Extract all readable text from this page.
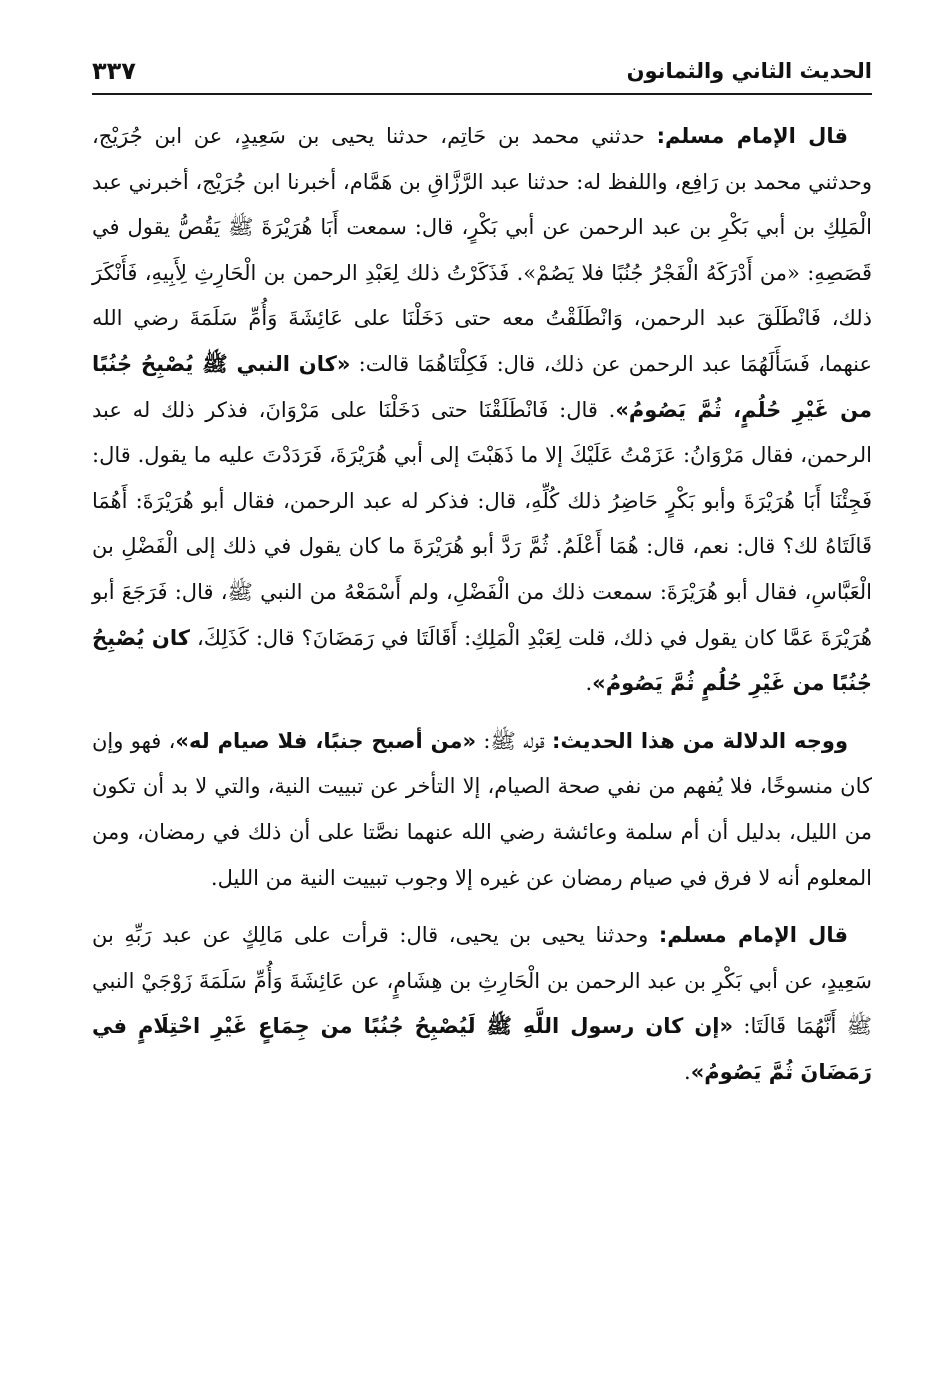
الحديث الثاني والثمانون
٣٣٧

قال الإمام مسلم: حدثني محمد بن حَاتِم، حدثنا يحيى بن سَعِيدٍ، عن ابن جُرَيْج، وحدثني محمد بن رَافِع، واللفظ له: حدثنا عبد الرَّزَّاقِ بن هَمَّام، أخبرنا ابن جُرَيْج، أخبرني عبد الْمَلِكِ بن أبي بَكْرِ بن عبد الرحمن عن أبي بَكْرٍ، قال: سمعت أَبَا هُرَيْرَةَ ﷺ يَقُصُّ يقول في قَصَصِهِ: «من أَدْرَكَهُ الْفَجْرُ جُنُبًا فلا يَصُمْ». فَذَكَرْتُ ذلك لِعَبْدِ الرحمن بن الْحَارِثِ لِأَبِيهِ، فَأَنْكَرَ ذلك، فَانْطَلَقَ عبد الرحمن، وَانْطَلَقْتُ معه حتى دَخَلْنَا على عَائِشَةَ وَأُمِّ سَلَمَةَ رضي الله عنهما، فَسَأَلَهُمَا عبد الرحمن عن ذلك، قال: فَكِلْتَاهُمَا قالت: «كان النبي ﷺ يُصْبِحُ جُنُبًا من غَيْرِ حُلُمٍ، ثُمَّ يَصُومُ». قال: فَانْطَلَقْنَا حتى دَخَلْنَا على مَرْوَانَ، فذكر ذلك له عبد الرحمن، فقال مَرْوَانُ: عَزَمْتُ عَلَيْكَ إلا ما ذَهَبْتَ إلى أبي هُرَيْرَةَ، فَرَدَدْتَ عليه ما يقول. قال: فَجِئْنَا أَبَا هُرَيْرَةَ وأبو بَكْرٍ حَاضِرُ ذلك كُلِّهِ، قال: فذكر له عبد الرحمن، فقال أبو هُرَيْرَةَ: أَهُمَا قَالَتَاهُ لك؟ قال: نعم، قال: هُمَا أَعْلَمُ. ثُمَّ رَدَّ أبو هُرَيْرَةَ ما كان يقول في ذلك إلى الْفَضْلِ بن الْعَبَّاسِ، فقال أبو هُرَيْرَةَ: سمعت ذلك من الْفَضْلِ، ولم أَسْمَعْهُ من النبي ﷺ، قال: فَرَجَعَ أبو هُرَيْرَةَ عَمَّا كان يقول في ذلك، قلت لِعَبْدِ الْمَلِكِ: أَقَالَتَا في رَمَضَانَ؟ قال: كَذَلِكَ، كان يُصْبِحُ جُنُبًا من غَيْرِ حُلُمٍ ثُمَّ يَصُومُ».

ووجه الدلالة من هذا الحديث: قوله ﷺ: «من أصبح جنبًا، فلا صيام له»، فهو وإن كان منسوخًا، فلا يُفهم من نفي صحة الصيام، إلا التأخر عن تبييت النية، والتي لا بد أن تكون من الليل، بدليل أن أم سلمة وعائشة رضي الله عنهما نصَّتا على أن ذلك في رمضان، ومن المعلوم أنه لا فرق في صيام رمضان عن غيره إلا وجوب تبييت النية من الليل.

قال الإمام مسلم: وحدثنا يحيى بن يحيى، قال: قرأت على مَالِكٍ عن عبد رَبِّهِ بن سَعِيدٍ، عن أبي بَكْرِ بن عبد الرحمن بن الْحَارِثِ بن هِشَامٍ، عن عَائِشَةَ وَأُمِّ سَلَمَةَ زَوْجَيْ النبي ﷺ أَنَّهُمَا قَالَتَا: «إن كان رسول اللَّهِ ﷺ لَيُصْبِحُ جُنُبًا من جِمَاعٍ غَيْرِ احْتِلَامٍ في رَمَضَانَ ثُمَّ يَصُومُ».
